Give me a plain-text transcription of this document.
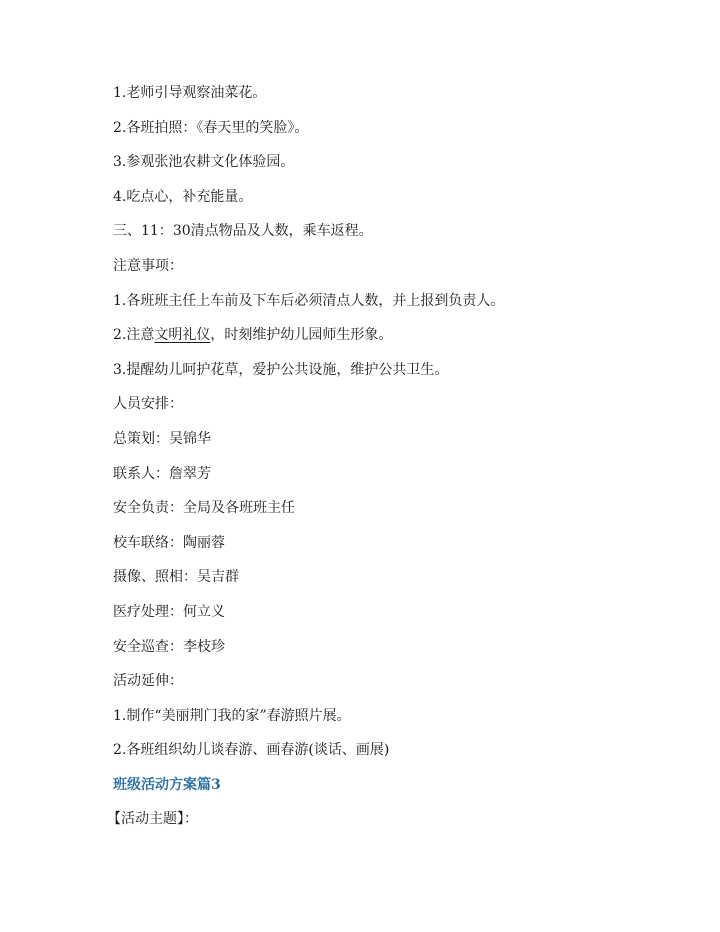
1.老师引导观察油菜花。
2.各班拍照：《春天里的笑脸》。
3.参观张池农耕文化体验园。
4.吃点心，补充能量。
三、11：30清点物品及人数，乘车返程。
注意事项：
1.各班班主任上车前及下车后必须清点人数，并上报到负责人。
2.注意文明礼仪，时刻维护幼儿园师生形象。
3.提醒幼儿呵护花草，爱护公共设施，维护公共卫生。
人员安排：
总策划：吴锦华
联系人：詹翠芳
安全负责：全局及各班班主任
校车联络：陶丽蓉
摄像、照相：吴吉群
医疗处理：何立义
安全巡查：李枝珍
活动延伸：
1.制作“美丽荆门我的家”春游照片展。
2.各班组织幼儿谈春游、画春游(谈话、画展)
班级活动方案篇3
【活动主题】：
